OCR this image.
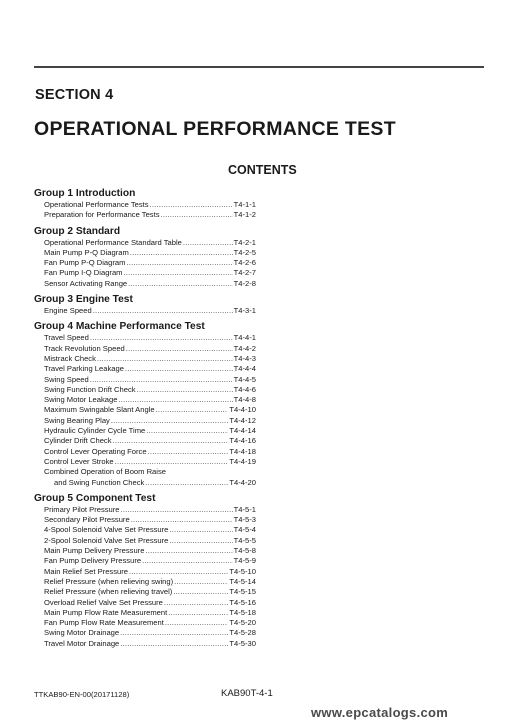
SECTION 4
OPERATIONAL PERFORMANCE TEST
CONTENTS
Group 1 Introduction
Operational Performance Tests .....	T4-1-1
Preparation for Performance Tests .....	T4-1-2
Group 2 Standard
Operational Performance Standard Table .....	T4-2-1
Main Pump P-Q Diagram .....	T4-2-5
Fan Pump P-Q Diagram .....	T4-2-6
Fan Pump I-Q Diagram .....	T4-2-7
Sensor Activating Range .....	T4-2-8
Group 3 Engine Test
Engine Speed .....	T4-3-1
Group 4 Machine Performance Test
Travel Speed .....	T4-4-1
Track Revolution Speed .....	T4-4-2
Mistrack Check .....	T4-4-3
Travel Parking Leakage .....	T4-4-4
Swing Speed .....	T4-4-5
Swing Function Drift Check .....	T4-4-6
Swing Motor Leakage .....	T4-4-8
Maximum Swingable Slant Angle .....	T4-4-10
Swing Bearing Play .....	T4-4-12
Hydraulic Cylinder Cycle Time .....	T4-4-14
Cylinder Drift Check .....	T4-4-16
Control Lever Operating Force .....	T4-4-18
Control Lever Stroke .....	T4-4-19
Combined Operation of Boom Raise
and Swing Function Check .....	T4-4-20
Group 5 Component Test
Primary Pilot Pressure .....	T4-5-1
Secondary Pilot Pressure .....	T4-5-3
4-Spool Solenoid Valve Set Pressure .....	T4-5-4
2-Spool Solenoid Valve Set Pressure .....	T4-5-5
Main Pump Delivery Pressure .....	T4-5-8
Fan Pump Delivery Pressure .....	T4-5-9
Main Relief Set Pressure .....	T4-5-10
Relief Pressure (when relieving swing) .....	T4-5-14
Relief Pressure (when relieving travel) .....	T4-5-15
Overload Relief Valve Set Pressure .....	T4-5-16
Main Pump Flow Rate Measurement .....	T4-5-18
Fan Pump Flow Rate Measurement .....	T4-5-20
Swing Motor Drainage .....	T4-5-28
Travel Motor Drainage .....	T4-5-30
TTKAB90-EN-00(20171128)	KAB90T-4-1
www.epcatalogs.com
